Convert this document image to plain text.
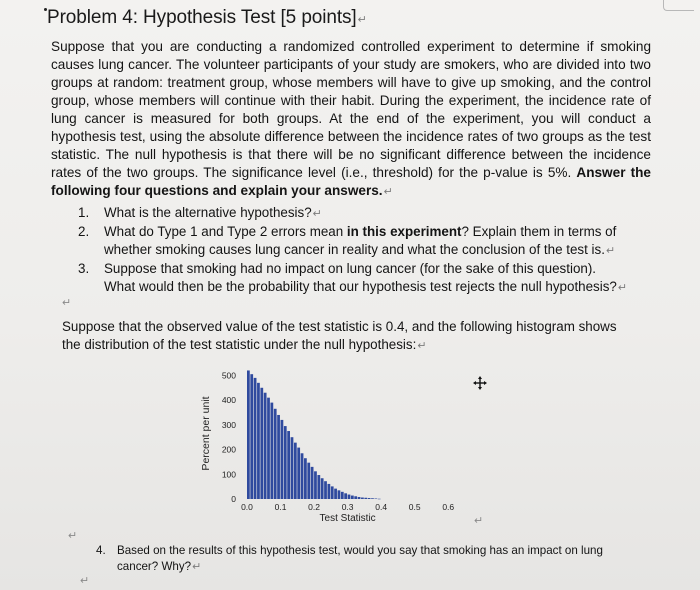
Problem 4: Hypothesis Test [5 points]↵

Suppose that you are conducting a randomized controlled experiment to determine if smoking causes lung cancer. The volunteer participants of your study are smokers, who are divided into two groups at random: treatment group, whose members will have to give up smoking, and the control group, whose members will continue with their habit. During the experiment, the incidence rate of lung cancer is measured for both groups. At the end of the experiment, you will conduct a hypothesis test, using the absolute difference between the incidence rates of two groups as the test statistic. The null hypothesis is that there will be no significant difference between the incidence rates of the two groups. The significance level (i.e., threshold) for the p-value is 5%. Answer the following four questions and explain your answers.↵

1. What is the alternative hypothesis?↵
2. What do Type 1 and Type 2 errors mean in this experiment? Explain them in terms of whether smoking causes lung cancer in reality and what the conclusion of the test is.↵
3. Suppose that smoking had no impact on lung cancer (for the sake of this question). What would then be the probability that our hypothesis test rejects the null hypothesis?↵
↵

Suppose that the observed value of the test statistic is 0.4, and the following histogram shows the distribution of the test statistic under the null hypothesis:↵

0
100
200
300
400
500
0.0	0.1	0.2	0.3	0.4	0.5	0.6
Percent per unit
Test Statistic	↵
↵
4. Based on the results of this hypothesis test, would you say that smoking has an impact on lung cancer? Why?↵
↵
